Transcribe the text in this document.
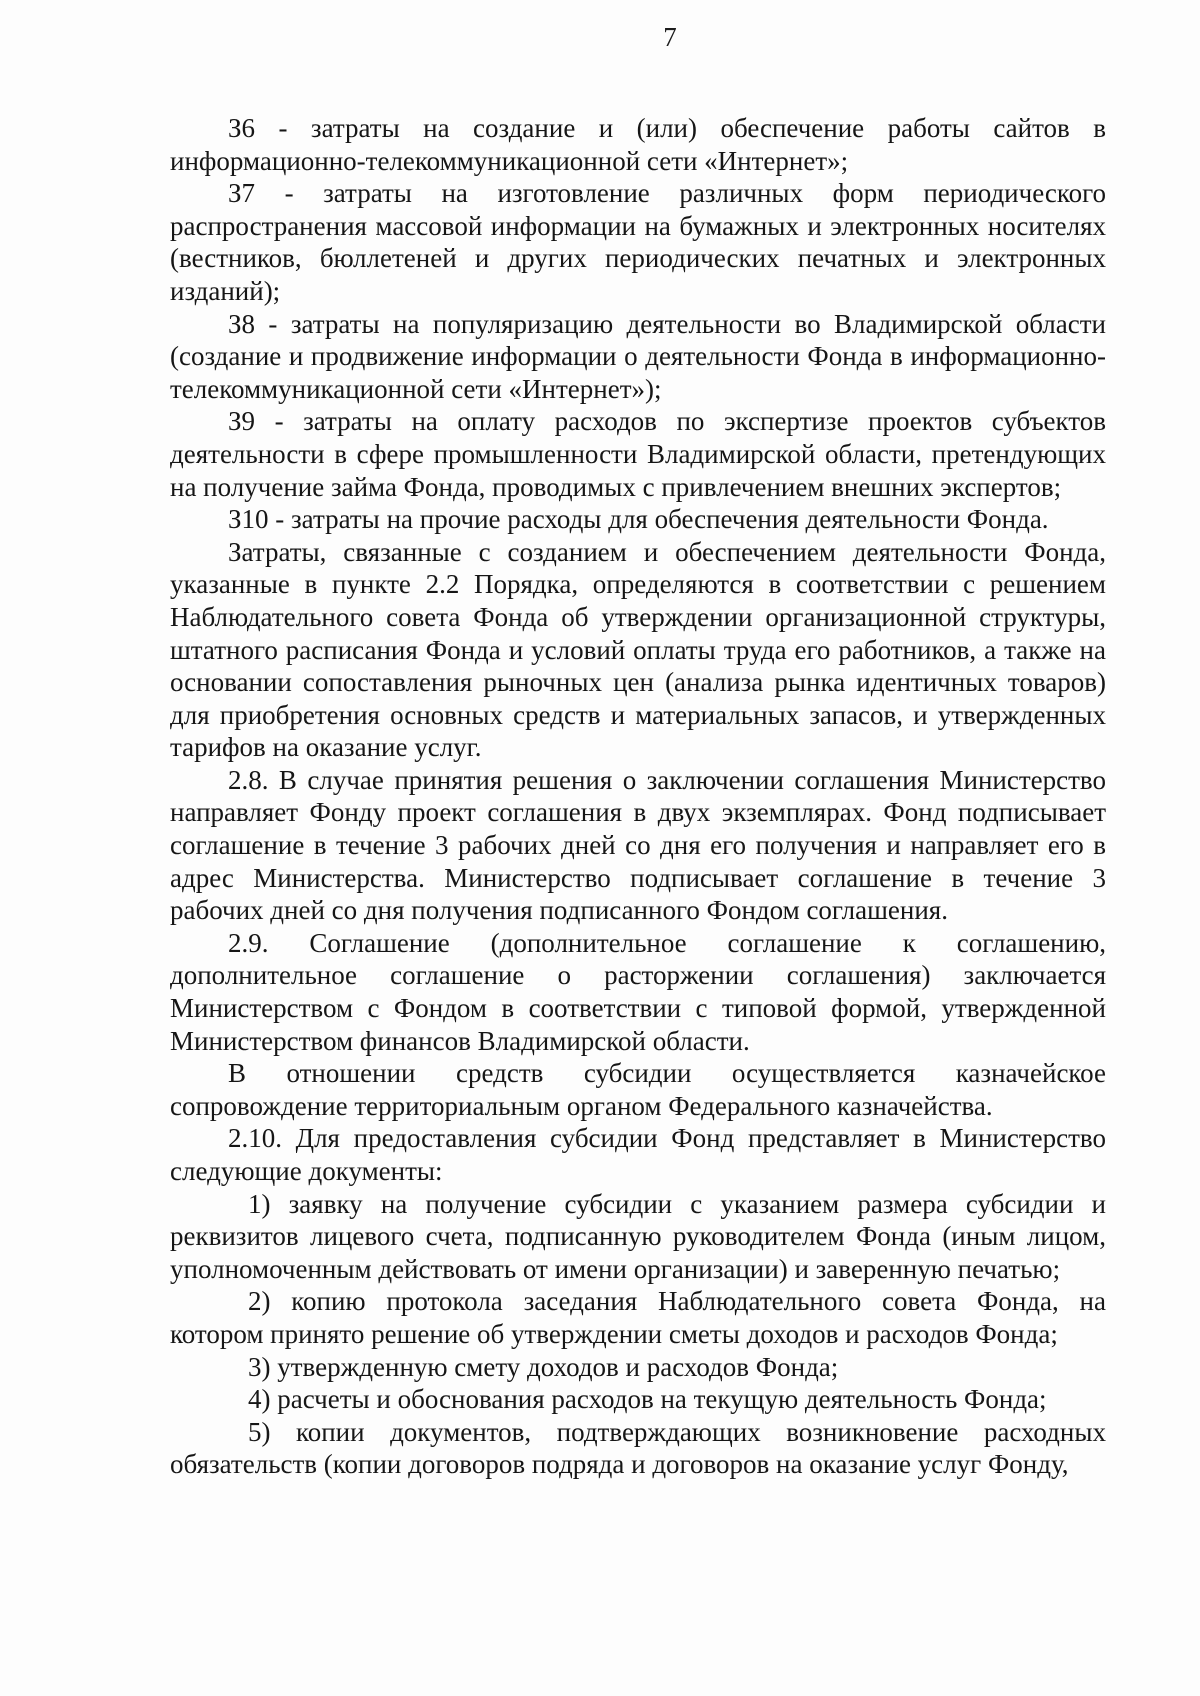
7

З6 - затраты на создание и (или) обеспечение работы сайтов в информационно-телекоммуникационной сети «Интернет»;

З7 - затраты на изготовление различных форм периодического распространения массовой информации на бумажных и электронных носителях (вестников, бюллетеней и других периодических печатных и электронных изданий);

З8 - затраты на популяризацию деятельности во Владимирской области (создание и продвижение информации о деятельности Фонда в информационно-телекоммуникационной сети «Интернет»);

З9 - затраты на оплату расходов по экспертизе проектов субъектов деятельности в сфере промышленности Владимирской области, претендующих на получение займа Фонда, проводимых с привлечением внешних экспертов;

З10 - затраты на прочие расходы для обеспечения деятельности Фонда.

Затраты, связанные с созданием и обеспечением деятельности Фонда, указанные в пункте 2.2 Порядка, определяются в соответствии с решением Наблюдательного совета Фонда об утверждении организационной структуры, штатного расписания Фонда и условий оплаты труда его работников, а также на основании сопоставления рыночных цен (анализа рынка идентичных товаров) для приобретения основных средств и материальных запасов, и утвержденных тарифов на оказание услуг.

2.8. В случае принятия решения о заключении соглашения Министерство направляет Фонду проект соглашения в двух экземплярах. Фонд подписывает соглашение в течение 3 рабочих дней со дня его получения и направляет его в адрес Министерства. Министерство подписывает соглашение в течение 3 рабочих дней со дня получения подписанного Фондом соглашения.

2.9. Соглашение (дополнительное соглашение к соглашению, дополнительное соглашение о расторжении соглашения) заключается Министерством с Фондом в соответствии с типовой формой, утвержденной Министерством финансов Владимирской области.

В отношении средств субсидии осуществляется казначейское сопровождение территориальным органом Федерального казначейства.

2.10. Для предоставления субсидии Фонд представляет в Министерство следующие документы:

1) заявку на получение субсидии с указанием размера субсидии и реквизитов лицевого счета, подписанную руководителем Фонда (иным лицом, уполномоченным действовать от имени организации) и заверенную печатью;

2) копию протокола заседания Наблюдательного совета Фонда, на котором принято решение об утверждении сметы доходов и расходов Фонда;

3) утвержденную смету доходов и расходов Фонда;

4) расчеты и обоснования расходов на текущую деятельность Фонда;

5) копии документов, подтверждающих возникновение расходных обязательств (копии договоров подряда и договоров на оказание услуг Фонду,
